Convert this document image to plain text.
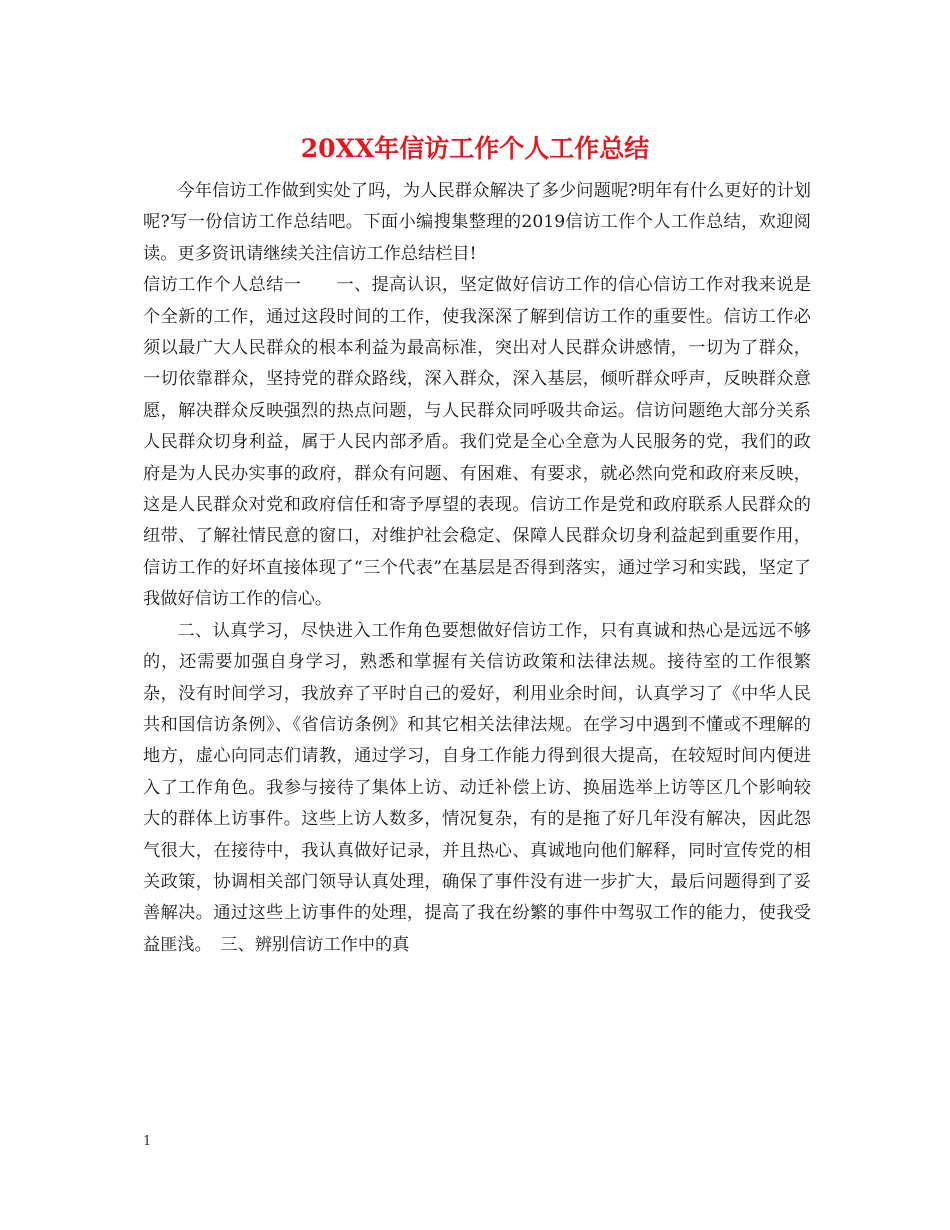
20XX年信访工作个人工作总结

今年信访工作做到实处了吗，为人民群众解决了多少问题呢?明年有什么更好的计划呢?写一份信访工作总结吧。下面小编搜集整理的2019信访工作个人工作总结，欢迎阅读。更多资讯请继续关注信访工作总结栏目!

信访工作个人总结一　　 一、提高认识，坚定做好信访工作的信心信访工作对我来说是个全新的工作，通过这段时间的工作，使我深深了解到信访工作的重要性。信访工作必须以最广大人民群众的根本利益为最高标准，突出对人民群众讲感情，一切为了群众，一切依靠群众，坚持党的群众路线，深入群众，深入基层，倾听群众呼声，反映群众意愿，解决群众反映强烈的热点问题，与人民群众同呼吸共命运。信访问题绝大部分关系人民群众切身利益，属于人民内部矛盾。我们党是全心全意为人民服务的党，我们的政府是为人民办实事的政府，群众有问题、有困难、有要求，就必然向党和政府来反映，这是人民群众对党和政府信任和寄予厚望的表现。信访工作是党和政府联系人民群众的纽带、了解社情民意的窗口，对维护社会稳定、保障人民群众切身利益起到重要作用，信访工作的好坏直接体现了“三个代表”在基层是否得到落实，通过学习和实践，坚定了我做好信访工作的信心。

二、认真学习，尽快进入工作角色要想做好信访工作，只有真诚和热心是远远不够的，还需要加强自身学习，熟悉和掌握有关信访政策和法律法规。接待室的工作很繁杂，没有时间学习，我放弃了平时自己的爱好，利用业余时间，认真学习了《中华人民共和国信访条例》、《省信访条例》和其它相关法律法规。在学习中遇到不懂或不理解的地方，虚心向同志们请教，通过学习，自身工作能力得到很大提高，在较短时间内便进入了工作角色。我参与接待了集体上访、动迁补偿上访、换届选举上访等区几个影响较大的群体上访事件。这些上访人数多，情况复杂，有的是拖了好几年没有解决，因此怨气很大，在接待中，我认真做好记录，并且热心、真诚地向他们解释，同时宣传党的相关政策，协调相关部门领导认真处理，确保了事件没有进一步扩大，最后问题得到了妥善解决。通过这些上访事件的处理，提高了我在纷繁的事件中驾驭工作的能力，使我受益匪浅。　 三、辨别信访工作中的真

1
